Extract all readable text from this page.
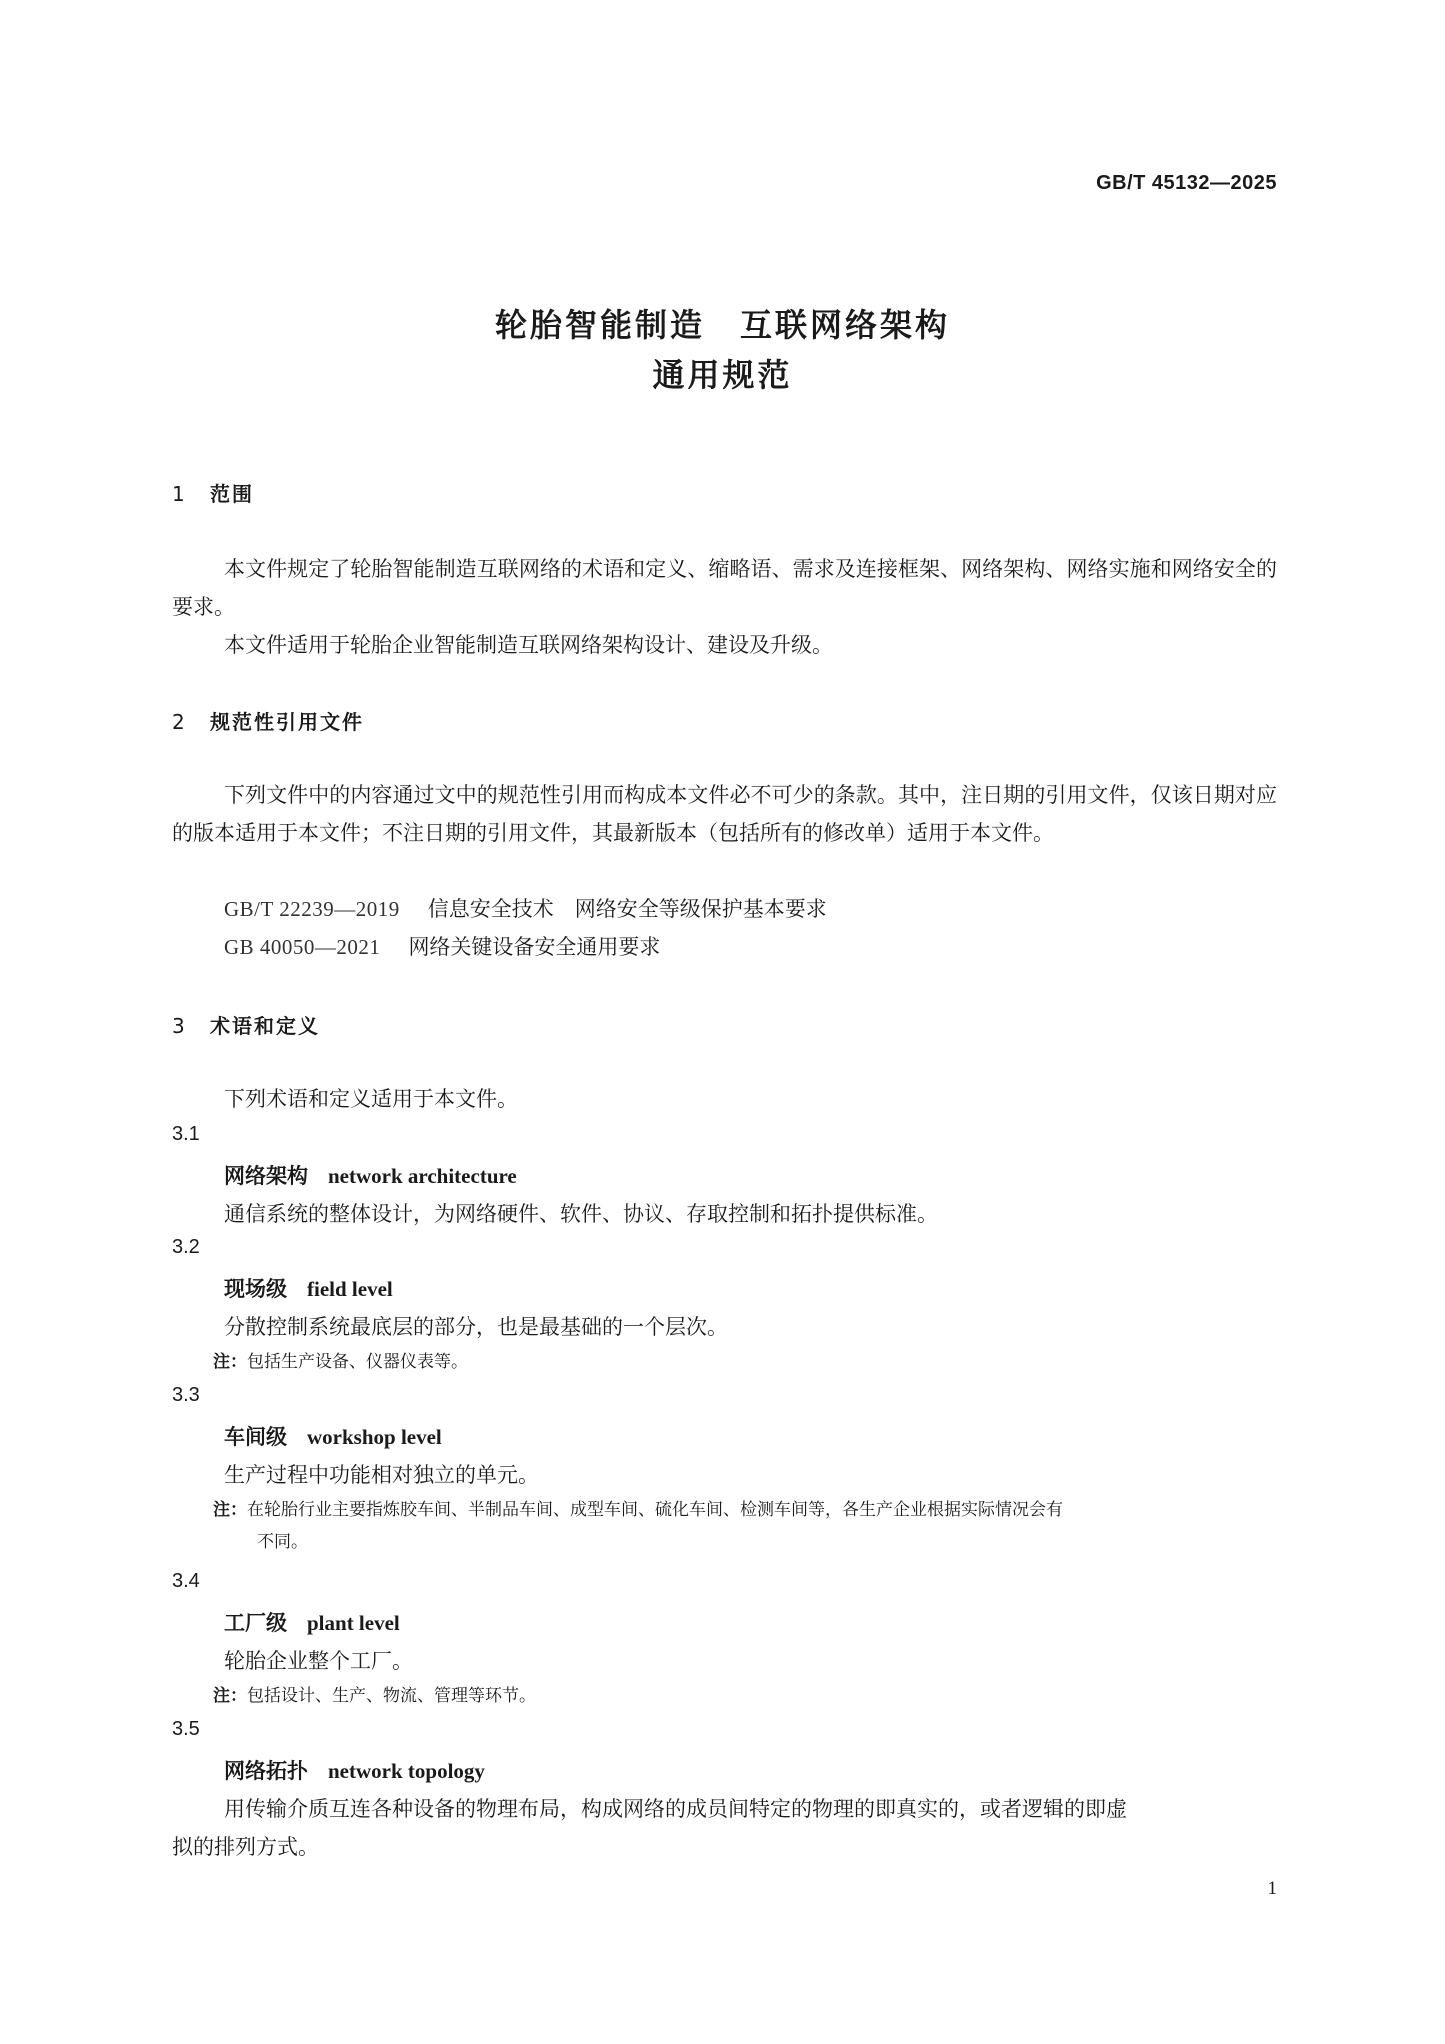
GB/T 45132—2025
轮胎智能制造　互联网络架构
通用规范
1 范围
本文件规定了轮胎智能制造互联网络的术语和定义、缩略语、需求及连接框架、网络架构、网络实施和网络安全的要求。
本文件适用于轮胎企业智能制造互联网络架构设计、建设及升级。
2 规范性引用文件
下列文件中的内容通过文中的规范性引用而构成本文件必不可少的条款。其中，注日期的引用文件，仅该日期对应的版本适用于本文件；不注日期的引用文件，其最新版本（包括所有的修改单）适用于本文件。
GB/T 22239—2019 信息安全技术　网络安全等级保护基本要求
GB 40050—2021 网络关键设备安全通用要求
3 术语和定义
下列术语和定义适用于本文件。
3.1
网络架构 network architecture
通信系统的整体设计，为网络硬件、软件、协议、存取控制和拓扑提供标准。
3.2
现场级 field level
分散控制系统最底层的部分，也是最基础的一个层次。
注：包括生产设备、仪器仪表等。
3.3
车间级 workshop level
生产过程中功能相对独立的单元。
注：在轮胎行业主要指炼胶车间、半制品车间、成型车间、硫化车间、检测车间等，各生产企业根据实际情况会有
不同。
3.4
工厂级 plant level
轮胎企业整个工厂。
注：包括设计、生产、物流、管理等环节。
3.5
网络拓扑 network topology
用传输介质互连各种设备的物理布局，构成网络的成员间特定的物理的即真实的，或者逻辑的即虚
拟的排列方式。
1
